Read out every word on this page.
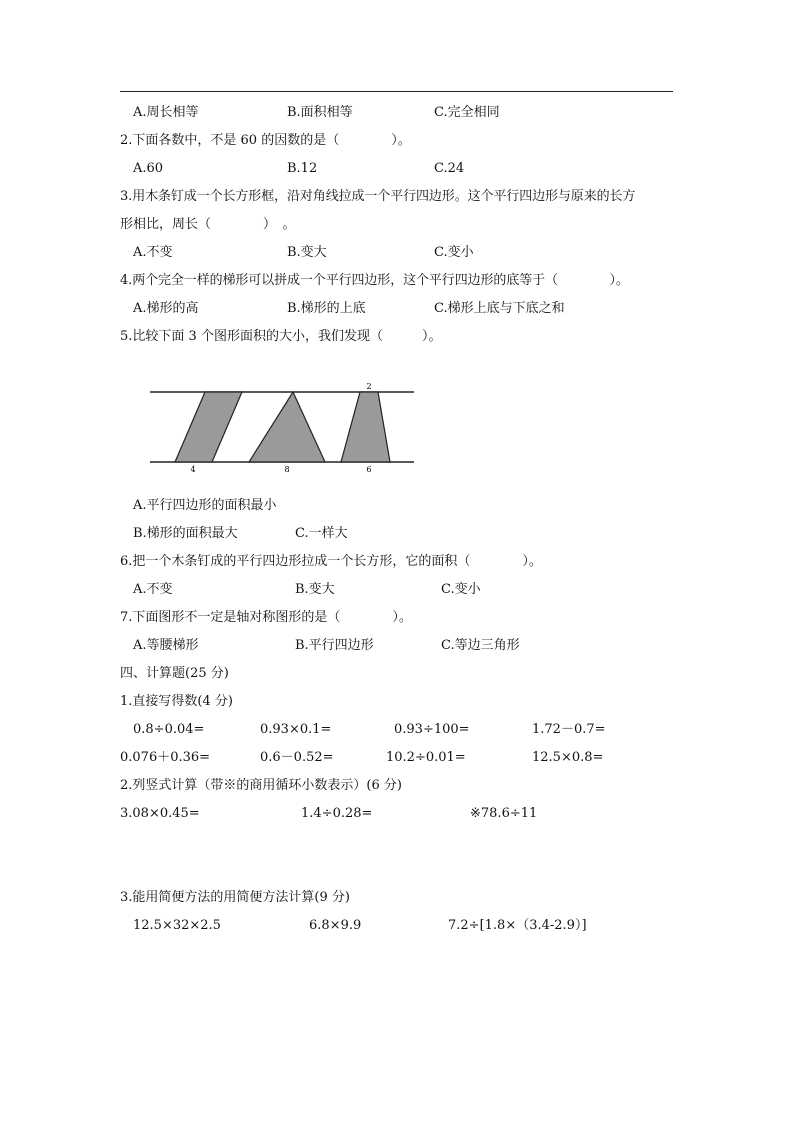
A.周长相等	B.面积相等	C.完全相同
2.下面各数中，不是 60 的因数的是（　　　　）。
A.60	B.12	C.24
3.用木条钉成一个长方形框，沿对角线拉成一个平行四边形。这个平行四边形与原来的长方
形相比，周长（　　　　）　。
A.不变	B.变大	C.变小
4.两个完全一样的梯形可以拼成一个平行四边形，这个平行四边形的底等于（　　　　）。
A.梯形的高	B.梯形的上底	C.梯形上底与下底之和
5.比较下面 3 个图形面积的大小，我们发现（　　　）。
4	8	6
2
A.平行四边形的面积最小
B.梯形的面积最大	C.一样大
6.把一个木条钉成的平行四边形拉成一个长方形，它的面积（　　　　）。
A.不变	B.变大	C.变小
7.下面图形不一定是轴对称图形的是（　　　　）。
A.等腰梯形	B.平行四边形	C.等边三角形
四、计算题(25 分)
1.直接写得数(4 分)
0.8÷0.04=	0.93×0.1=	0.93÷100=	1.72－0.7=
0.076＋0.36=	0.6－0.52=	10.2÷0.01=	12.5×0.8=
2.列竖式计算（带※的商用循环小数表示）(6 分)
3.08×0.45=	1.4÷0.28=	※78.6÷11
3.能用简便方法的用简便方法计算(9 分)
12.5×32×2.5	6.8×9.9	7.2÷[1.8×（3.4-2.9）]
